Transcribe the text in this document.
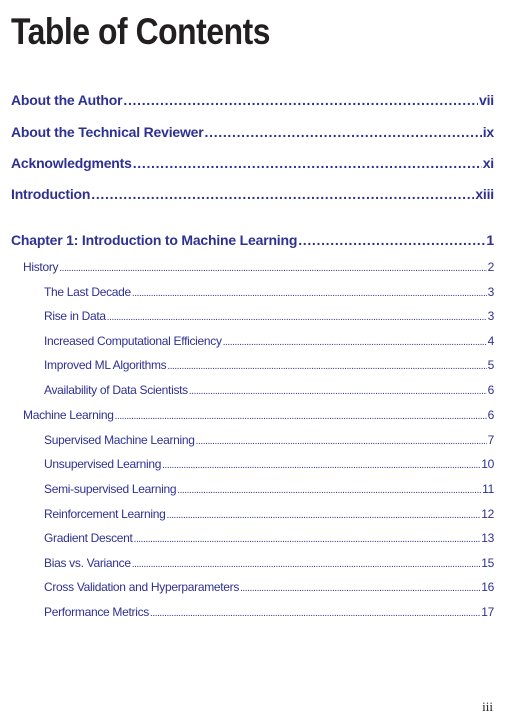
Table of Contents
About the Author . . .	vii
About the Technical Reviewer . . .	ix
Acknowledgments . . .	xi
Introduction . . .	xiii
Chapter 1: Introduction to Machine Learning . . .	1
History . . .	2
The Last Decade . . .	3
Rise in Data . . .	3
Increased Computational Efficiency . . .	4
Improved ML Algorithms . . .	5
Availability of Data Scientists . . .	6
Machine Learning . . .	6
Supervised Machine Learning . . .	7
Unsupervised Learning . . .	10
Semi-supervised Learning . . .	11
Reinforcement Learning . . .	12
Gradient Descent . . .	13
Bias vs. Variance . . .	15
Cross Validation and Hyperparameters . . .	16
Performance Metrics . . .	17
iii
